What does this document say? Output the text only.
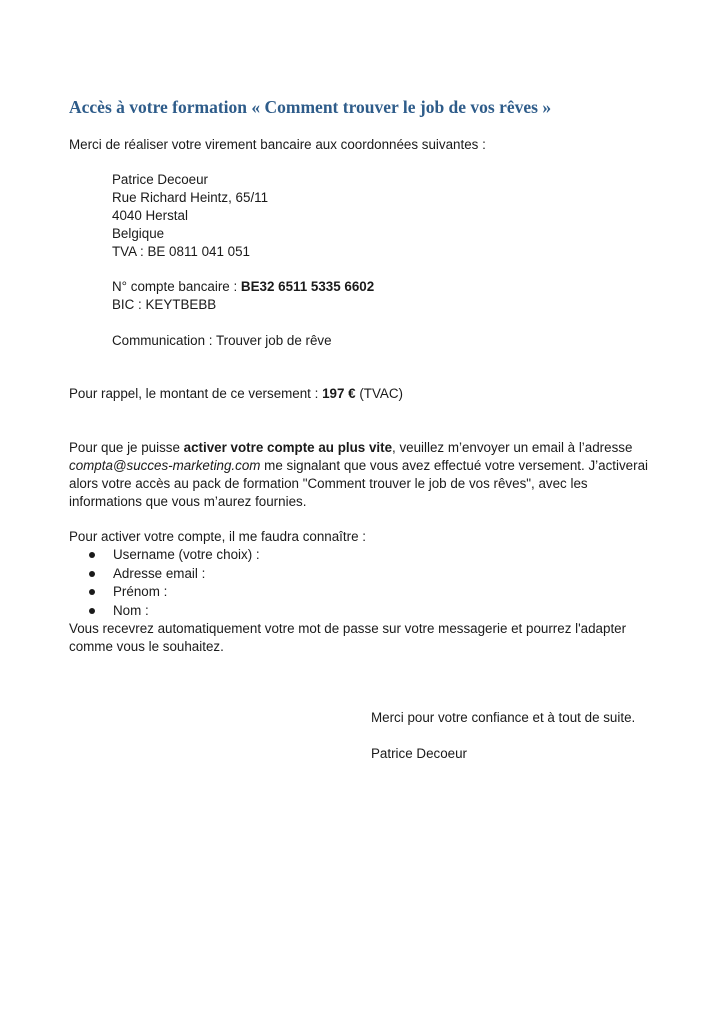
Accès à votre formation « Comment trouver le job de vos rêves »
Merci de réaliser votre virement bancaire aux coordonnées suivantes :
Patrice Decoeur
Rue Richard Heintz, 65/11
4040 Herstal
Belgique
TVA : BE 0811 041 051
N° compte bancaire : BE32 6511 5335 6602
BIC : KEYTBEBB
Communication : Trouver job de rêve
Pour rappel, le montant de ce versement : 197 € (TVAC)
Pour que je puisse activer votre compte au plus vite, veuillez m’envoyer un email à l’adresse
compta@succes-marketing.com me signalant que vous avez effectué votre versement. J’activerai
alors votre accès au pack de formation "Comment trouver le job de vos rêves", avec les
informations que vous m’aurez fournies.
Pour activer votre compte, il me faudra connaître :
Username (votre choix) :
Adresse email :
Prénom :
Nom :
Vous recevrez automatiquement votre mot de passe sur votre messagerie et pourrez l'adapter
comme vous le souhaitez.
Merci pour votre confiance et à tout de suite.
Patrice Decoeur
